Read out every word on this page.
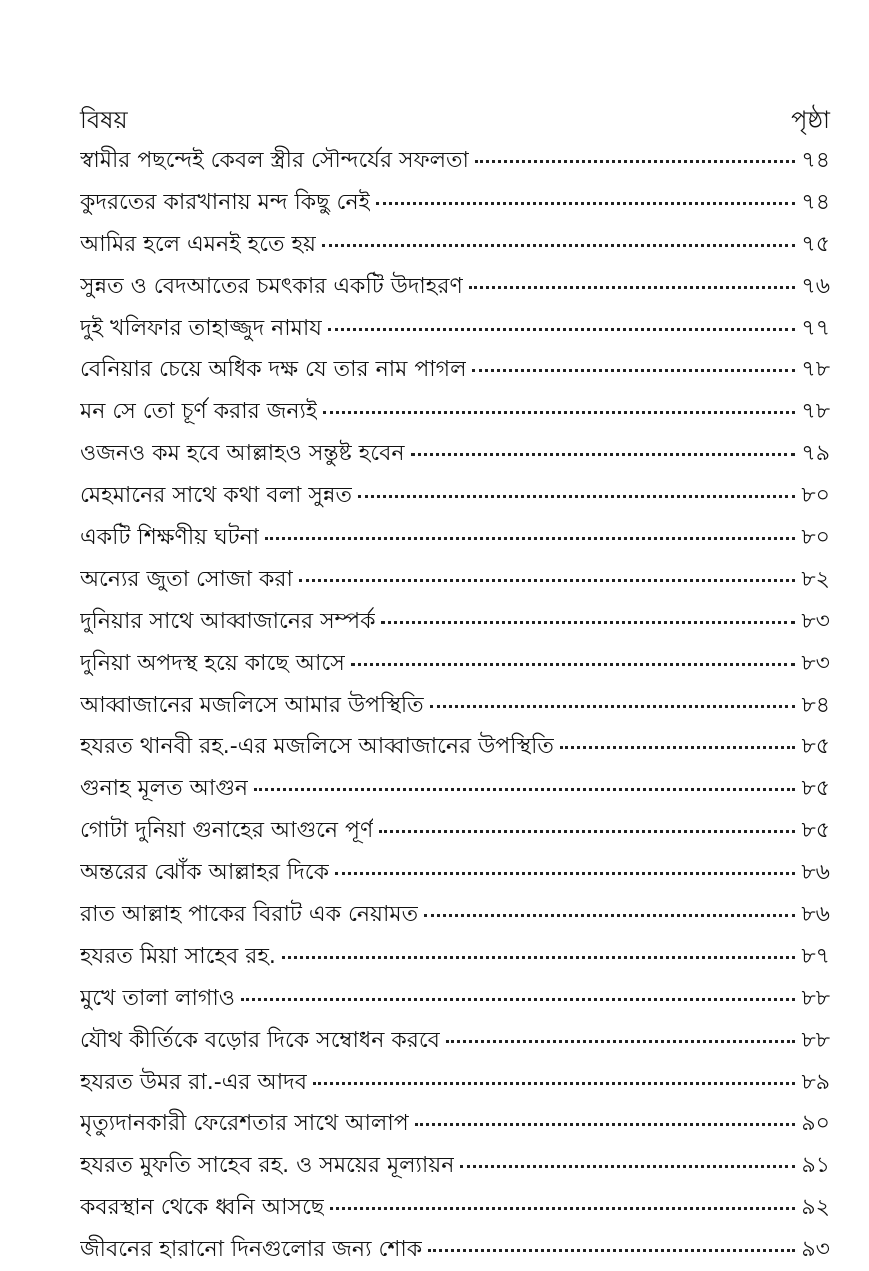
বিষয়	পৃষ্ঠা
স্বামীর পছন্দেই কেবল স্ত্রীর সৌন্দর্যের সফলতা	৭৪
কুদরতের কারখানায় মন্দ কিছু নেই	৭৪
আমির হলে এমনই হতে হয়	৭৫
সুন্নত ও বেদআতের চমৎকার একটি উদাহরণ	৭৬
দুই খলিফার তাহাজ্জুদ নামায	৭৭
বেনিয়ার চেয়ে অধিক দক্ষ যে তার নাম পাগল	৭৮
মন সে তো চূর্ণ করার জন্যই	৭৮
ওজনও কম হবে আল্লাহও সন্তুষ্ট হবেন	৭৯
মেহমানের সাথে কথা বলা সুন্নত	৮০
একটি শিক্ষণীয় ঘটনা	৮০
অন্যের জুতা সোজা করা	৮২
দুনিয়ার সাথে আব্বাজানের সম্পর্ক	৮৩
দুনিয়া অপদস্থ হয়ে কাছে আসে	৮৩
আব্বাজানের মজলিসে আমার উপস্থিতি	৮৪
হযরত থানবী রহ.-এর মজলিসে আব্বাজানের উপস্থিতি	৮৫
গুনাহ মূলত আগুন	৮৫
গোটা দুনিয়া গুনাহের আগুনে পূর্ণ	৮৫
অন্তরের ঝোঁক আল্লাহর দিকে	৮৬
রাত আল্লাহ পাকের বিরাট এক নেয়ামত	৮৬
হযরত মিয়া সাহেব রহ.	৮৭
মুখে তালা লাগাও	৮৮
যৌথ কীর্তিকে বড়োর দিকে সম্বোধন করবে	৮৮
হযরত উমর রা.-এর আদব	৮৯
মৃত্যুদানকারী ফেরেশতার সাথে আলাপ	৯০
হযরত মুফতি সাহেব রহ. ও সময়ের মূল্যায়ন	৯১
কবরস্থান থেকে ধ্বনি আসছে	৯২
জীবনের হারানো দিনগুলোর জন্য শোক	৯৩
